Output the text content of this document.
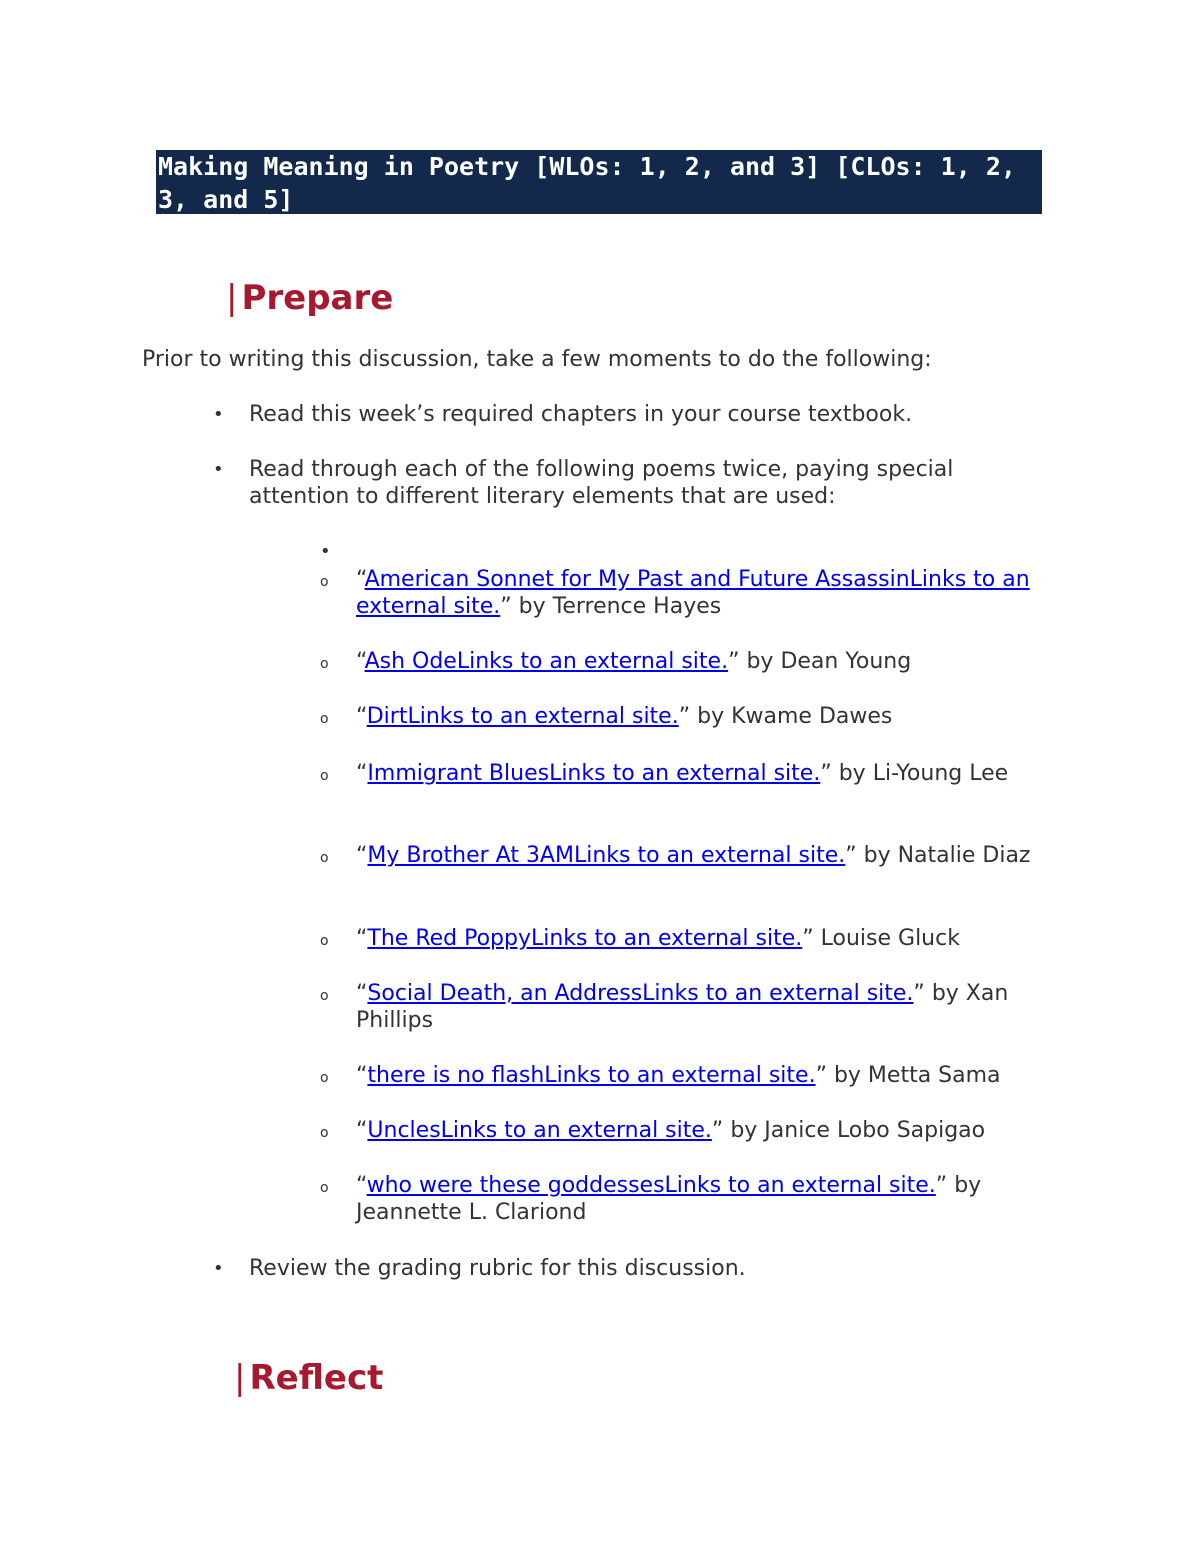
Making Meaning in Poetry [WLOs: 1, 2, and 3] [CLOs: 1, 2, 3, and 5]
| Prepare
Prior to writing this discussion, take a few moments to do the following:
• Read this week’s required chapters in your course textbook.
• Read through each of the following poems twice, paying special attention to different literary elements that are used:
•
o “American Sonnet for My Past and Future AssassinLinks to an external site.” by Terrence Hayes
o “Ash OdeLinks to an external site.” by Dean Young
o “DirtLinks to an external site.” by Kwame Dawes
o “Immigrant BluesLinks to an external site.” by Li-Young Lee
o “My Brother At 3AMLinks to an external site.” by Natalie Diaz
o “The Red PoppyLinks to an external site.” Louise Gluck
o “Social Death, an AddressLinks to an external site.” by Xan Phillips
o “there is no flashLinks to an external site.” by Metta Sama
o “UnclesLinks to an external site.” by Janice Lobo Sapigao
o “who were these goddessesLinks to an external site.” by Jeannette L. Clariond
• Review the grading rubric for this discussion.
| Reflect
